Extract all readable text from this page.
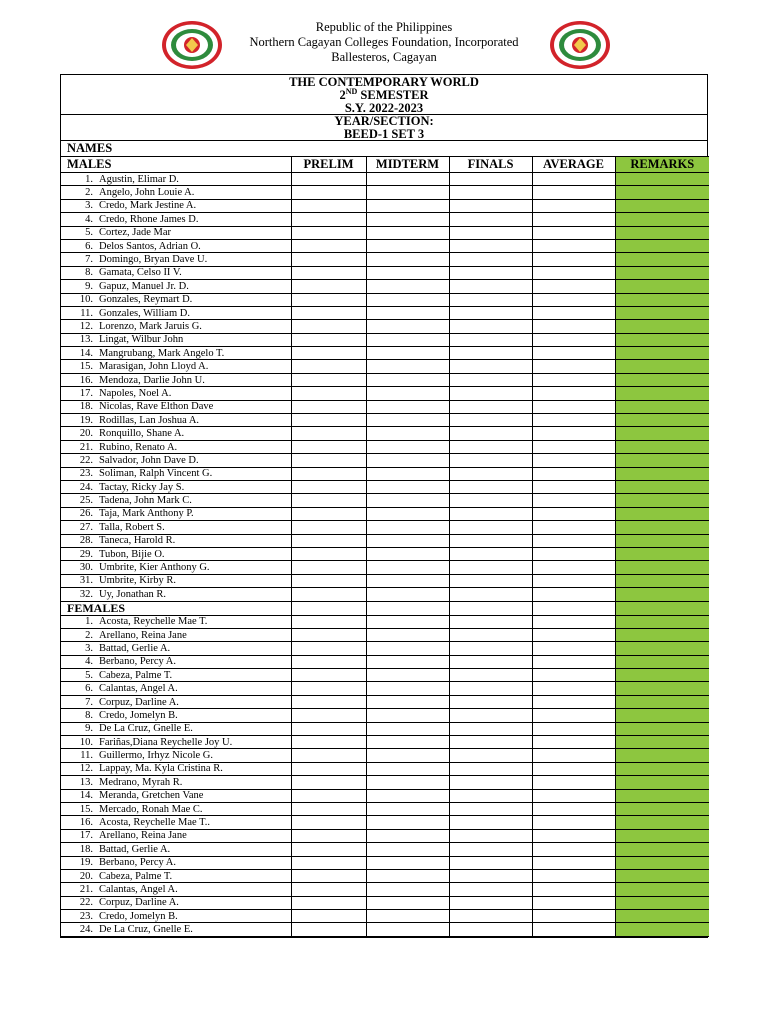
Republic of the Philippines
Northern Cagayan Colleges Foundation, Incorporated
Ballesteros, Cagayan
THE CONTEMPORARY WORLD
2ND SEMESTER
S.Y. 2022-2023
YEAR/SECTION:
BEED-1 SET 3
NAMES					
MALES	PRELIM	MIDTERM	FINALS	AVERAGE	REMARKS
1. Agustin, Elimar D.					
2. Angelo, John Louie A.					
3. Credo, Mark Jestine A.					
4. Credo, Rhone James D.					
5. Cortez, Jade Mar					
6. Delos Santos, Adrian O.					
7. Domingo, Bryan Dave U.					
8. Gamata, Celso II V.					
9. Gapuz, Manuel Jr. D.					
10. Gonzales, Reymart D.					
11. Gonzales, William D.					
12. Lorenzo, Mark Jaruis G.					
13. Lingat, Wilbur John					
14. Mangrubang, Mark Angelo T.					
15. Marasigan, John Lloyd A.					
16. Mendoza, Darlie John U.					
17. Napoles, Noel A.					
18. Nicolas, Rave Elthon Dave					
19. Rodillas, Lan Joshua A.					
20. Ronquillo, Shane A.					
21. Rubino, Renato A.					
22. Salvador, John Dave D.					
23. Soliman, Ralph Vincent G.					
24. Tactay, Ricky Jay S.					
25. Tadena, John Mark C.					
26. Taja, Mark Anthony P.					
27. Talla, Robert S.					
28. Taneca, Harold R.					
29. Tubon, Bijie O.					
30. Umbrite, Kier Anthony G.					
31. Umbrite, Kirby R.					
32. Uy, Jonathan R.					
FEMALES					
1. Acosta, Reychelle Mae T.					
2. Arellano, Reina Jane					
3. Battad, Gerlie A.					
4. Berbano, Percy A.					
5. Cabeza, Palme T.					
6. Calantas, Angel A.					
7. Corpuz, Darline A.					
8. Credo, Jomelyn B.					
9. De La Cruz, Gnelle E.					
10. Fariñas,Diana Reychelle Joy U.					
11. Guillermo, Irhyz Nicole G.					
12. Lappay, Ma. Kyla Cristina R.					
13. Medrano, Myrah R.					
14. Meranda, Gretchen Vane					
15. Mercado, Ronah Mae C.					
16. Acosta, Reychelle Mae T..					
17. Arellano, Reina Jane					
18. Battad, Gerlie A.					
19. Berbano, Percy A.					
20. Cabeza, Palme T.					
21. Calantas, Angel A.					
22. Corpuz, Darline A.					
23. Credo, Jomelyn B.					
24. De La Cruz, Gnelle E.					
